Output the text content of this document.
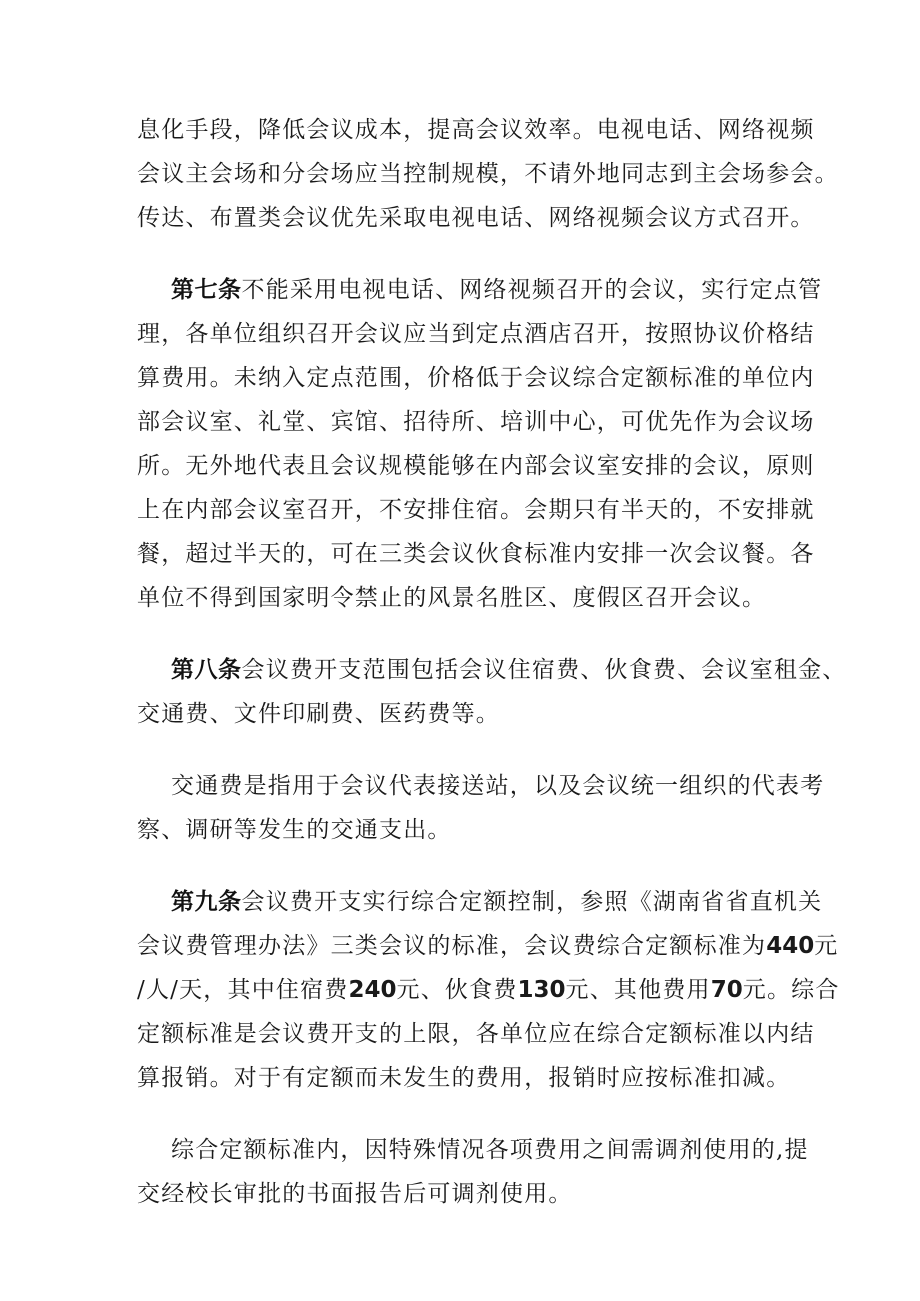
息化手段，降低会议成本，提高会议效率。电视电话、网络视频
会议主会场和分会场应当控制规模，不请外地同志到主会场参会。
传达、布置类会议优先采取电视电话、网络视频会议方式召开。
第七条不能采用电视电话、网络视频召开的会议，实行定点管
理，各单位组织召开会议应当到定点酒店召开，按照协议价格结
算费用。未纳入定点范围，价格低于会议综合定额标准的单位内
部会议室、礼堂、宾馆、招待所、培训中心，可优先作为会议场
所。无外地代表且会议规模能够在内部会议室安排的会议，原则
上在内部会议室召开，不安排住宿。会期只有半天的，不安排就
餐，超过半天的，可在三类会议伙食标准内安排一次会议餐。各
单位不得到国家明令禁止的风景名胜区、度假区召开会议。
第八条会议费开支范围包括会议住宿费、伙食费、会议室租金、
交通费、文件印刷费、医药费等。
交通费是指用于会议代表接送站，以及会议统一组织的代表考
察、调研等发生的交通支出。
第九条会议费开支实行综合定额控制，参照《湖南省省直机关
会议费管理办法》三类会议的标准，会议费综合定额标准为440元
/人/天，其中住宿费240元、伙食费130元、其他费用70元。综合
定额标准是会议费开支的上限，各单位应在综合定额标准以内结
算报销。对于有定额而未发生的费用，报销时应按标准扣减。
综合定额标准内，因特殊情况各项费用之间需调剂使用的,提
交经校长审批的书面报告后可调剂使用。
